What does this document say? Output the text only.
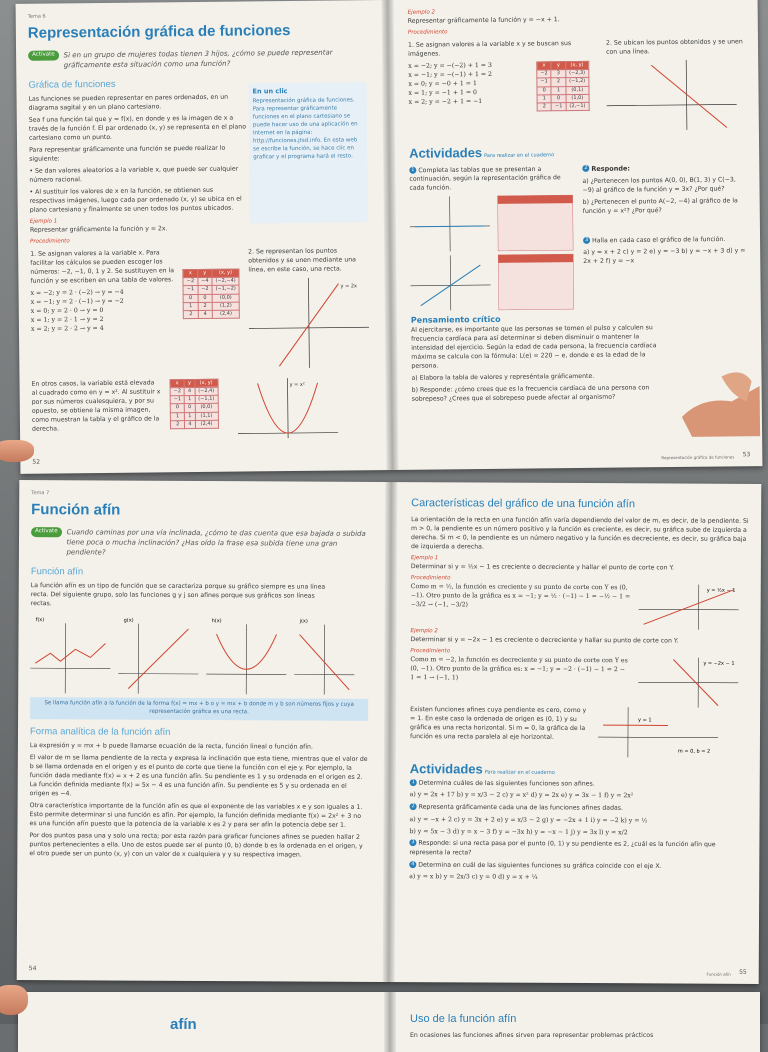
Tema 6
Representación gráfica de funciones
Actívate	Si en un grupo de mujeres todas tienen 3 hijos, ¿cómo se puede representar gráficamente esta situación como una función?
Gráfica de funciones
Las funciones se pueden representar en pares ordenados, en un diagrama sagital y en un plano cartesiano.
Sea f una función tal que y = f(x), en donde y es la imagen de x a través de la función f. El par ordenado (x, y) se representa en el plano cartesiano como un punto.
Para representar gráficamente una función se puede realizar lo siguiente:
• Se dan valores aleatorios a la variable x, que puede ser cualquier número racional.
• Al sustituir los valores de x en la función, se obtienen sus respectivas imágenes, luego cada par ordenado (x, y) se ubica en el plano cartesiano y finalmente se unen todos los puntos ubicados.
Ejemplo 1
Representar gráficamente la función y = 2x.
Procedimiento
En un clic
Representación gráfica de funciones. Para representar gráficamente funciones en el plano cartesiano se puede hacer uso de una aplicación en Internet en la página: http://funciones.jtsd.info. En esta web se escribe la función, se hace clic en graficar y el programa hará el resto.
1. Se asignan valores a la variable x. Para facilitar los cálculos se pueden escoger los números: −2, −1, 0, 1 y 2. Se sustituyen en la función y se escriben en una tabla de valores.
x = −2; y = 2 · (−2) → y = −4
x = −1; y = 2 · (−1) → y = −2
x = 0; y = 2 · 0 → y = 0
x = 1; y = 2 · 1 → y = 2
x = 2; y = 2 · 2 → y = 4
x	y	(x, y)
−2	−4	(−2,−4)
−1	−2	(−1,−2)
0	0	(0,0)
1	2	(1,2)
2	4	(2,4)
2. Se representan los puntos obtenidos y se unen mediante una línea, en este caso, una recta.
y = 2x
En otros casos, la variable está elevada al cuadrado como en y = x². Al sustituir x por sus números cualesquiera, y por su opuesto, se obtiene la misma imagen, como muestran la tabla y el gráfico de la derecha.
x	y	(x, y)
−2	4	(−2,4)
−1	1	(−1,1)
0	0	(0,0)
1	1	(1,1)
2	4	(2,4)
y = x²
52
Ejemplo 2
Representar gráficamente la función y = −x + 1.
Procedimiento
1. Se asignan valores a la variable x y se buscan sus imágenes.
x = −2; y = −(−2) + 1 = 3
x = −1; y = −(−1) + 1 = 2
x = 0; y = −0 + 1 = 1
x = 1; y = −1 + 1 = 0
x = 2; y = −2 + 1 = −1
x	y	(x, y)
−2	3	(−2,3)
−1	2	(−1,2)
0	1	(0,1)
1	0	(1,0)
2	−1	(2,−1)
2. Se ubican los puntos obtenidos y se unen con una línea.
Actividades Para realizar en el cuaderno
1 Completa las tablas que se presentan a continuación, según la representación gráfica de cada función.
2 Responde:
a) ¿Pertenecen los puntos A(0, 0), B(1, 3) y C(−3, −9) al gráfico de la función y = 3x? ¿Por qué?
b) ¿Pertenecen el punto A(−2, −4) al gráfico de la función y = x²? ¿Por qué?
3 Halla en cada caso el gráfico de la función.
a) y = x + 2 c) y = 2 e) y = −3 b) y = −x + 3 d) y = 2x + 2 f) y = −x
Pensamiento crítico
Al ejercitarse, es importante que las personas se tomen el pulso y calculen su frecuencia cardíaca para así determinar si deben disminuir o mantener la intensidad del ejercicio. Según la edad de cada persona, la frecuencia cardíaca máxima se calcula con la fórmula: L(e) = 220 − e, donde e es la edad de la persona.
a) Elabora la tabla de valores y represéntala gráficamente.
b) Responde: ¿cómo crees que es la frecuencia cardíaca de una persona con sobrepeso? ¿Crees que el sobrepeso puede afectar al organismo?
Representación gráfica de funciones 53
Tema 7
Función afín
Actívate	Cuando caminas por una vía inclinada, ¿cómo te das cuenta que esa bajada o subida tiene poca o mucha inclinación? ¿Has oído la frase esa subida tiene una gran pendiente?
Función afín
La función afín es un tipo de función que se caracteriza porque su gráfico siempre es una línea recta. Del siguiente grupo, solo las funciones g y j son afines porque sus gráficos son líneas rectas.
f(x)	g(x)	h(x)	j(x)
Se llama función afín a la función de la forma f(x) = mx + b o y = mx + b donde m y b son números fijos y cuya representación gráfica es una recta.
Forma analítica de la función afín
La expresión y = mx + b puede llamarse ecuación de la recta, función lineal o función afín.
El valor de m se llama pendiente de la recta y expresa la inclinación que esta tiene, mientras que el valor de b se llama ordenada en el origen y es el punto de corte que tiene la función con el eje y. Por ejemplo, la función dada mediante f(x) = x + 2 es una función afín. Su pendiente es 1 y su ordenada en el origen es 2. La función definida mediante f(x) = 5x − 4 es una función afín. Su pendiente es 5 y su ordenada en el origen es −4.
Otra característica importante de la función afín es que el exponente de las variables x e y son iguales a 1. Esto permite determinar si una función es afín. Por ejemplo, la función definida mediante f(x) = 2x² + 3 no es una función afín puesto que la potencia de la variable x es 2 y para ser afín la potencia debe ser 1.
Por dos puntos pasa una y solo una recta; por esta razón para graficar funciones afines se pueden hallar 2 puntos pertenecientes a ella. Uno de estos puede ser el punto (0, b) donde b es la ordenada en el origen, y el otro puede ser un punto (x, y) con un valor de x cualquiera y y su respectiva imagen.
54
Características del gráfico de una función afín
La orientación de la recta en una función afín varía dependiendo del valor de m, es decir, de la pendiente. Si m > 0, la pendiente es un número positivo y la función es creciente, es decir, su gráfica sube de izquierda a derecha. Si m < 0, la pendiente es un número negativo y la función es decreciente, es decir, su gráfica baja de izquierda a derecha.
Ejemplo 1
Determinar si y = ½x − 1 es creciente o decreciente y hallar el punto de corte con Y.
Procedimiento
Como m = ½, la función es creciente y su punto de corte con Y es (0, −1). Otro punto de la gráfica es x = −1; y = ½ · (−1) − 1 = −½ − 1 = −3/2 → (−1, −3/2)
y = ½x − 1
Ejemplo 2
Determinar si y = −2x − 1 es creciente o decreciente y hallar su punto de corte con Y.
Procedimiento
Como m = −2, la función es decreciente y su punto de corte con Y es (0, −1). Otro punto de la gráfica es: x = −1; y = −2 · (−1) − 1 = 2 − 1 = 1 → (−1, 1)
y = −2x − 1
Existen funciones afines cuya pendiente es cero, como y = 1. En este caso la ordenada de origen es (0, 1) y su gráfica es una recta horizontal. Si m = 0, la gráfica de la función es una recta paralela al eje horizontal.
y = 1
m = 0, b = 2
Actividades Para realizar en el cuaderno
1 Determina cuáles de las siguientes funciones son afines.
a) y = 2x + 17 b) y = x/3 − 2 c) y = x² d) y = 2x e) y = 3x − 1 f) y = 2x²
2 Representa gráficamente cada una de las funciones afines dadas.
a) y = −x + 2 c) y = 3x + 2 e) y = x/3 − 2 g) y = −2x + 1 i) y = −2 k) y = ½
b) y = 5x − 3 d) y = x − 3 f) y = −3x h) y = −x − 1 j) y = 3x l) y = x/2
3 Responde: si una recta pasa por el punto (0, 1) y su pendiente es 2, ¿cuál es la función afín que representa la recta?
4 Determina en cuál de las siguientes funciones su gráfica coincide con el eje X.
a) y = x b) y = 2x/3 c) y = 0 d) y = x + ¼
Función afín 55
afín	Uso de la función afín
En ocasiones las funciones afines sirven para representar problemas prácticos
